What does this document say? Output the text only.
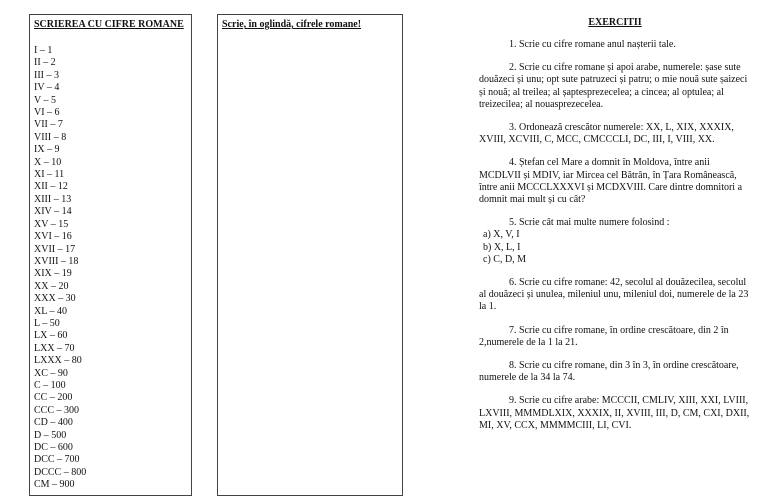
SCRIEREA CU CIFRE ROMANE
I – 1
II – 2
III – 3
IV – 4
V – 5
VI – 6
VII – 7
VIII – 8
IX – 9
X – 10
XI – 11
XII – 12
XIII – 13
XIV – 14
XV – 15
XVI – 16
XVII – 17
XVIII – 18
XIX – 19
XX – 20
XXX – 30
XL – 40
L – 50
LX – 60
LXX – 70
LXXX – 80
XC – 90
C – 100
CC – 200
CCC – 300
CD – 400
D – 500
DC – 600
DCC – 700
DCCC – 800
CM – 900
Scrie, în oglindă, cifrele romane!	EXERCITII

1. Scrie cu cifre romane anul nașterii tale.

2. Scrie cu cifre romane și apoi arabe, numerele: șase sute douăzeci și unu; opt sute patruzeci și patru; o mie nouă sute șaizeci și nouă; al treilea; al șaptesprezecelea; a cincea; al optulea; al treizecilea; al nouasprezecelea.

3. Ordonează crescător numerele: XX, L, XIX, XXXIX, XVIII, XCVIII, C, MCC, CMCCCLI, DC, III, I, VIII, XX.

4. Ștefan cel Mare a domnit în Moldova, între anii MCDLVII și MDIV, iar Mircea cel Bătrân, în Țara Românească, între anii MCCCLXXXVI și MCDXVIII. Care dintre domnitori a domnit mai mult și cu cât?

5. Scrie cât mai multe numere folosind :

a) X, V, I
b) X, L, I
c) C, D, M

6. Scrie cu cifre romane: 42, secolul al douăzecilea, secolul al douăzeci și unulea, mileniul unu, mileniul doi, numerele de la 23 la 1.

7. Scrie cu cifre romane, în ordine crescătoare, din 2 în 2,numerele de la 1 la 21.

8. Scrie cu cifre romane, din 3 în 3, în ordine crescătoare, numerele de la 34 la 74.

9. Scrie cu cifre arabe: MCCCII, CMLIV, XIII, XXI, LVIII, LXVIII, MMMDLXIX, XXXIX, II, XVIII, III, D, CM, CXI, DXII, MI, XV, CCX, MMMMCIII, LI, CVI.
